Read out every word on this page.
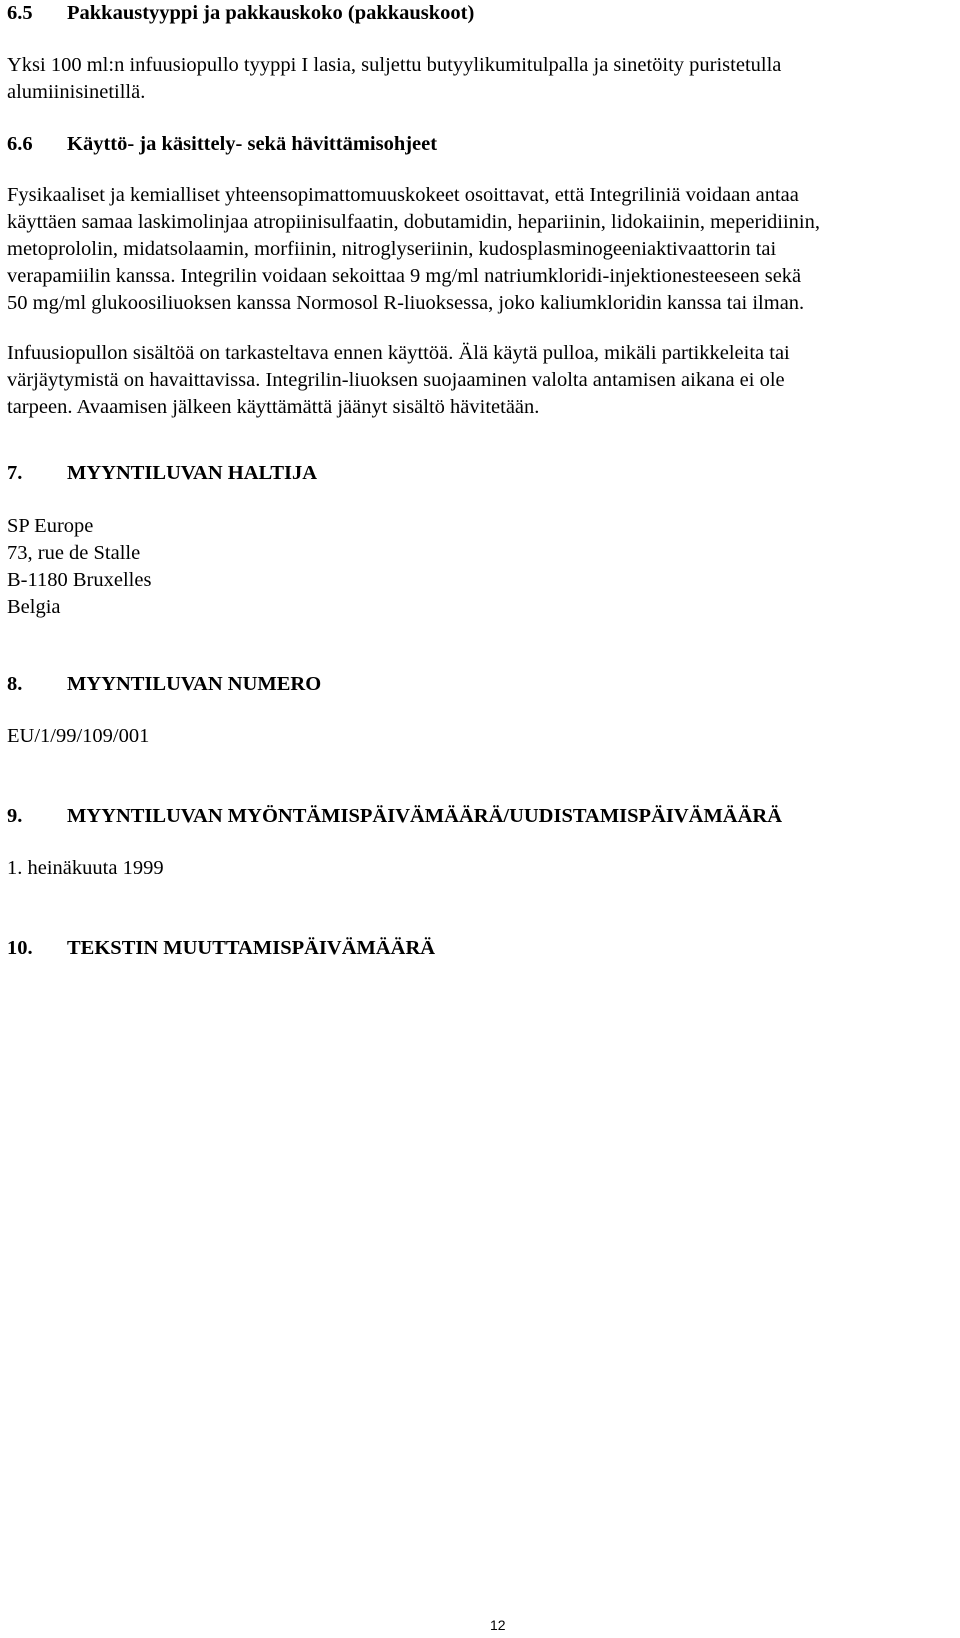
6.5 Pakkaustyyppi ja pakkauskoko (pakkauskoot)
Yksi 100 ml:n infuusiopullo tyyppi I lasia, suljettu butyylikumitulpalla ja sinetöity puristetulla
alumiinisinetillä.
6.6 Käyttö- ja käsittely- sekä hävittämisohjeet
Fysikaaliset ja kemialliset yhteensopimattomuuskokeet osoittavat, että Integriliniä voidaan antaa
käyttäen samaa laskimolinjaa atropiinisulfaatin, dobutamidin, hepariinin, lidokaiinin, meperidiinin,
metoprololin, midatsolaamin, morfiinin, nitroglyseriinin, kudosplasminogeeniaktivaattorin tai
verapamiilin kanssa. Integrilin voidaan sekoittaa 9 mg/ml natriumkloridi-injektionesteeseen sekä
50 mg/ml glukoosiliuoksen kanssa Normosol R-liuoksessa, joko kaliumkloridin kanssa tai ilman.
Infuusiopullon sisältöä on tarkasteltava ennen käyttöä. Älä käytä pulloa, mikäli partikkeleita tai
värjäytymistä on havaittavissa. Integrilin-liuoksen suojaaminen valolta antamisen aikana ei ole
tarpeen. Avaamisen jälkeen käyttämättä jäänyt sisältö hävitetään.
7. MYYNTILUVAN HALTIJA
SP Europe
73, rue de Stalle
B-1180 Bruxelles
Belgia
8. MYYNTILUVAN NUMERO
EU/1/99/109/001
9. MYYNTILUVAN MYÖNTÄMISPÄIVÄMÄÄRÄ/UUDISTAMISPÄIVÄMÄÄRÄ
1. heinäkuuta 1999
10. TEKSTIN MUUTTAMISPÄIVÄMÄÄRÄ
12
